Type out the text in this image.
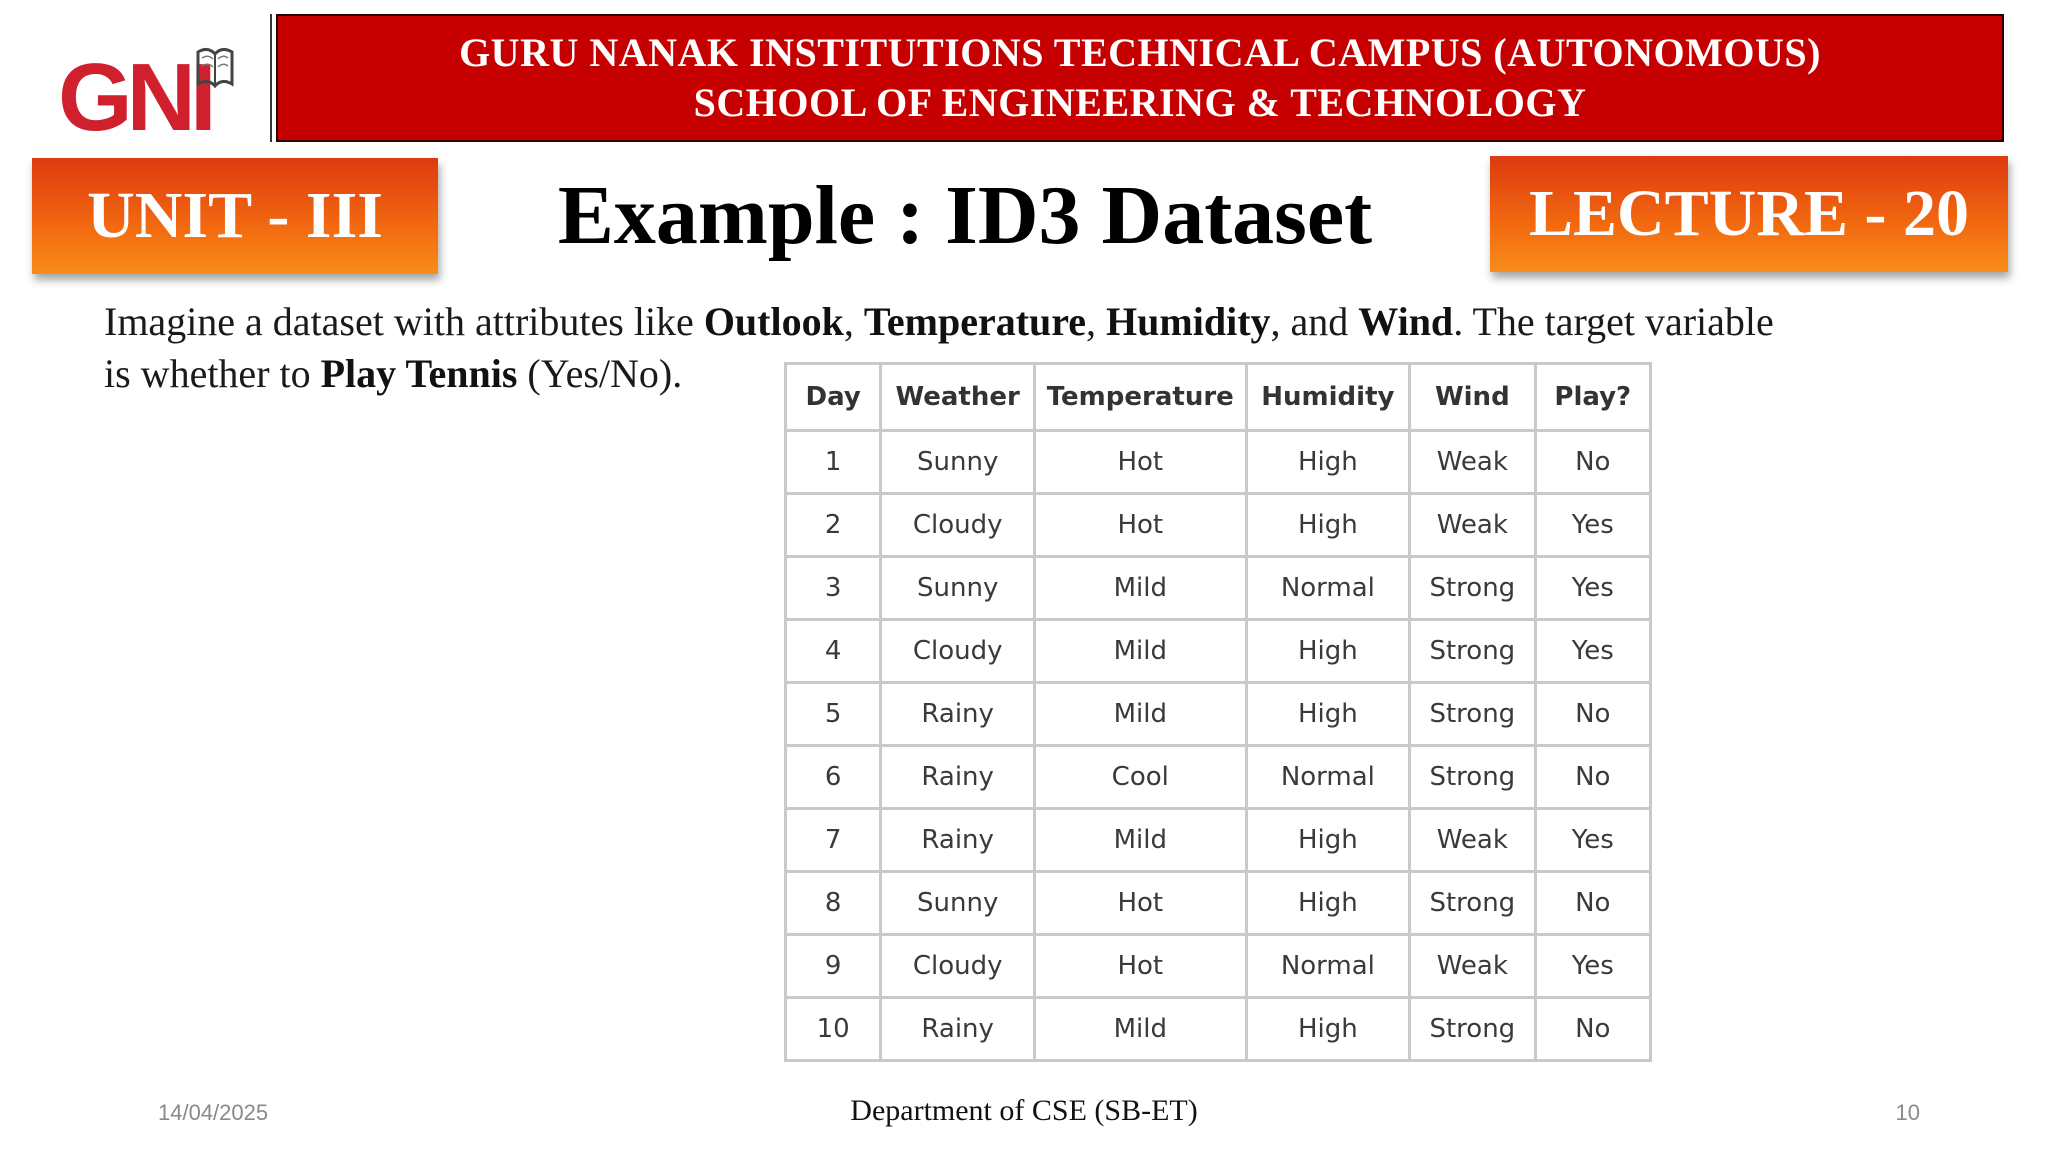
GNI	GURU NANAK INSTITUTIONS TECHNICAL CAMPUS (AUTONOMOUS)
SCHOOL OF ENGINEERING & TECHNOLOGY
UNIT - III	Example : ID3 Dataset	LECTURE - 20
Imagine a dataset with attributes like Outlook, Temperature, Humidity, and Wind. The target variable
is whether to Play Tennis (Yes/No).
Day	Weather	Temperature	Humidity	Wind	Play?
1	Sunny	Hot	High	Weak	No
2	Cloudy	Hot	High	Weak	Yes
3	Sunny	Mild	Normal	Strong	Yes
4	Cloudy	Mild	High	Strong	Yes
5	Rainy	Mild	High	Strong	No
6	Rainy	Cool	Normal	Strong	No
7	Rainy	Mild	High	Weak	Yes
8	Sunny	Hot	High	Strong	No
9	Cloudy	Hot	Normal	Weak	Yes
10	Rainy	Mild	High	Strong	No
14/04/2025	Department of CSE (SB-ET)	10
